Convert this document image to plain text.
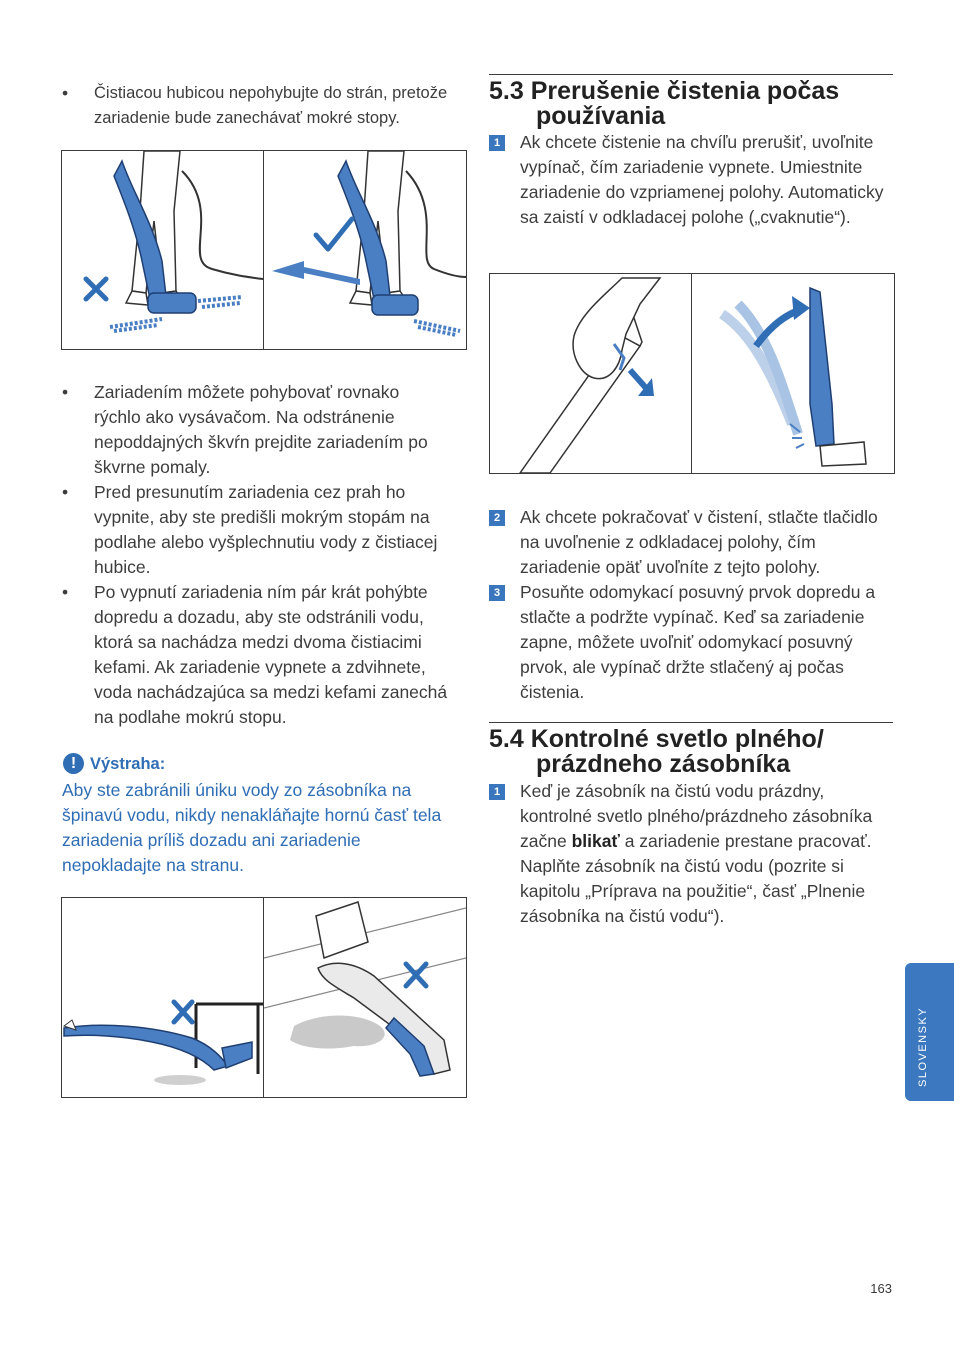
• Čistiacou hubicou nepohybujte do strán, pretože zariadenie bude zanechávať mokré stopy.
• Zariadením môžete pohybovať rovnako rýchlo ako vysávačom. Na odstránenie nepoddajných škvŕn prejdite zariadením po škvrne pomaly.
• Pred presunutím zariadenia cez prah ho vypnite, aby ste predišli mokrým stopám na podlahe alebo vyšplechnutiu vody z čistiacej hubice.
• Po vypnutí zariadenia ním pár krát pohýbte dopredu a dozadu, aby ste odstránili vodu, ktorá sa nachádza medzi dvoma čistiacimi kefami. Ak zariadenie vypnete a zdvihnete, voda nachádzajúca sa medzi kefami zanechá na podlahe mokrú stopu.
! Výstraha:
Aby ste zabránili úniku vody zo zásobníka na špinavú vodu, nikdy nenakláňajte hornú časť tela zariadenia príliš dozadu ani zariadenie nepokladajte na stranu.
5.3 Prerušenie čistenia počas
používania
1 Ak chcete čistenie na chvíľu prerušiť, uvoľnite vypínač, čím zariadenie vypnete. Umiestnite zariadenie do vzpriamenej polohy. Automaticky sa zaistí v odkladacej polohe („cvaknutie“).
2 Ak chcete pokračovať v čistení, stlačte tlačidlo na uvoľnenie z odkladacej polohy, čím zariadenie opäť uvoľníte z tejto polohy.
3 Posuňte odomykací posuvný prvok dopredu a stlačte a podržte vypínač. Keď sa zariadenie zapne, môžete uvoľniť odomykací posuvný prvok, ale vypínač držte stlačený aj počas čistenia.
5.4 Kontrolné svetlo plného/
prázdneho zásobníka
1 Keď je zásobník na čistú vodu prázdny, kontrolné svetlo plného/prázdneho zásobníka začne blikať a zariadenie prestane pracovať. Naplňte zásobník na čistú vodu (pozrite si kapitolu „Príprava na použitie“, časť „Plnenie zásobníka na čistú vodu“).
SLOVENSKY
163
